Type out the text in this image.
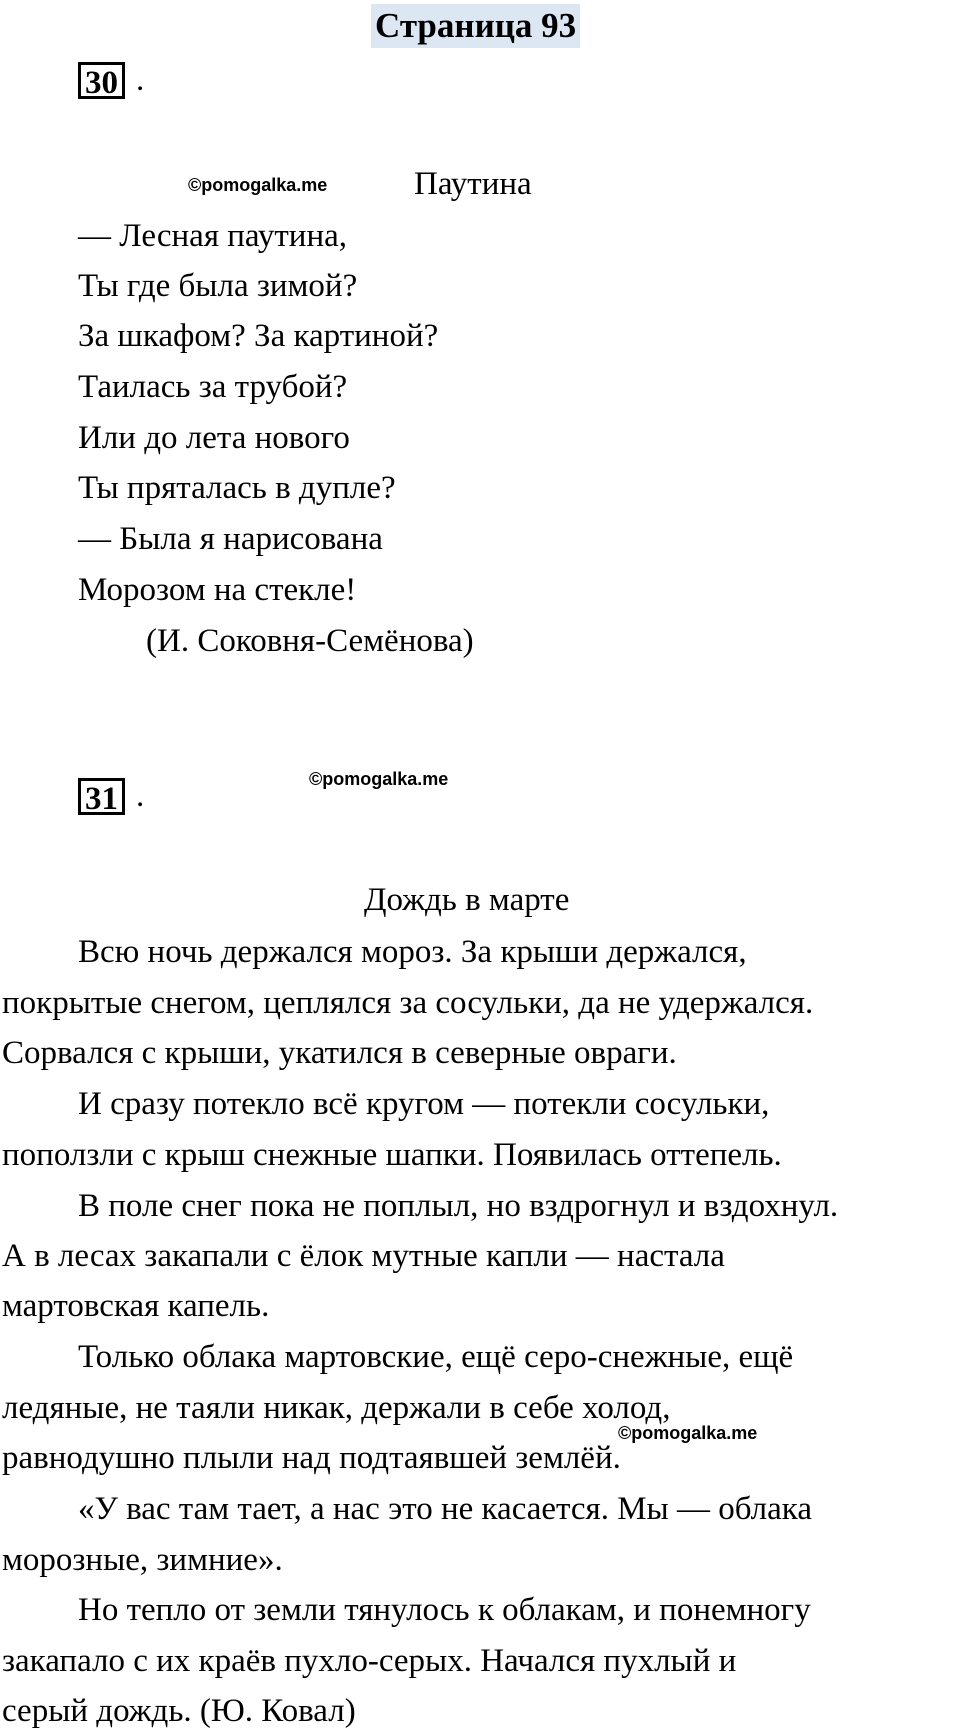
Страница 93
30 .
©pomogalka.me	Паутина
— Лесная паутина,
Ты где была зимой?
За шкафом? За картиной?
Таилась за трубой?
Или до лета нового
Ты пряталась в дупле?
— Была я нарисована
Морозом на стекле!
(И. Соковня-Семёнова)
31 .	©pomogalka.me
Дождь в марте
Всю ночь держался мороз. За крыши держался,
покрытые снегом, цеплялся за сосульки, да не удержался.
Сорвался с крыши, укатился в северные овраги.
И сразу потекло всё кругом — потекли сосульки,
поползли с крыш снежные шапки. Появилась оттепель.
В поле снег пока не поплыл, но вздрогнул и вздохнул.
А в лесах закапали с ёлок мутные капли — настала
мартовская капель.
Только облака мартовские, ещё серо-снежные, ещё
ледяные, не таяли никак, держали в себе холод,
©pomogalka.me
равнодушно плыли над подтаявшей землёй.
«У вас там тает, а нас это не касается. Мы — облака
морозные, зимние».
Но тепло от земли тянулось к облакам, и понемногу
закапало с их краёв пухло-серых. Начался пухлый и
серый дождь. (Ю. Ковал)
